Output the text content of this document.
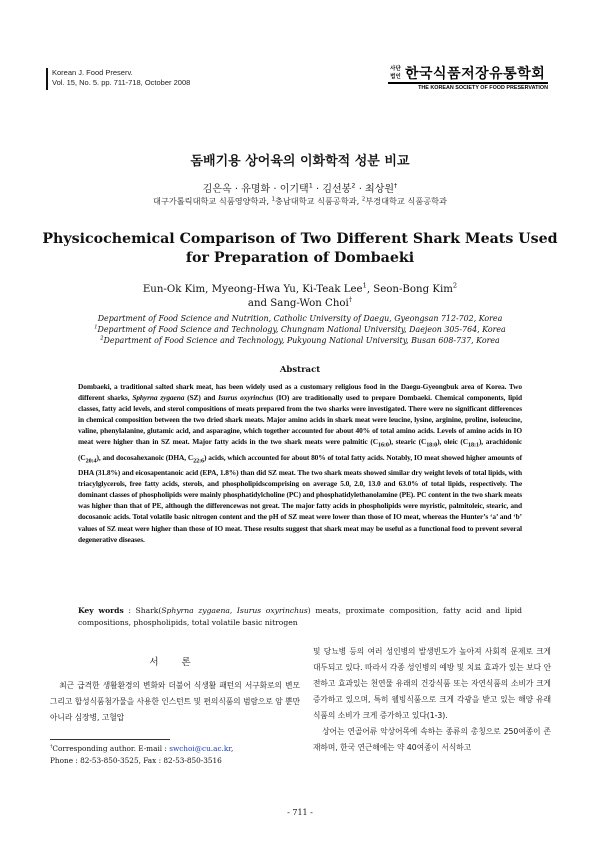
Korean J. Food Preserv.
Vol. 15, No. 5. pp. 711-718, October 2008
사단
법인 한국식품저장유통학회
THE KOREAN SOCIETY OF FOOD PRESERVATION
돔배기용 상어육의 이화학적 성분 비교
김은옥 · 유명화 · 이기택$^1$ · 김선봉$^2$ · 최상원†
대구가톨릭대학교 식품영양학과, $^1$충남대학교 식품공학과, $^2$부경대학교 식품공학과
Physicochemical Comparison of Two Different Shark Meats Used for Preparation of Dombaeki
Eun-Ok Kim, Myeong-Hwa Yu, Ki-Teak Lee$^1$, Seon-Bong Kim$^2$
and Sang-Won Choi†
Department of Food Science and Nutrition, Catholic University of Daegu, Gyeongsan 712-702, Korea
$^1$Department of Food Science and Technology, Chungnam National University, Daejeon 305-764, Korea
$^2$Department of Food Science and Technology, Pukyoung National University, Busan 608-737, Korea
Abstract
Dombaeki, a traditional salted shark meat, has been widely used as a customary religious food in the Daegu-Gyeongbuk area of Korea. Two different sharks, Sphyrna zygaena (SZ) and Isurus oxyrinchus (IO) are traditionally used to prepare Dombaeki. Chemical components, lipid classes, fatty acid levels, and sterol compositions of meats prepared from the two sharks were investigated. There were no significant differences in chemical composition between the two dried shark meats. Major amino acids in shark meat were leucine, lysine, arginine, proline, isoleucine, valine, phenylalanine, glutamic acid, and asparagine, which together accounted for about 40% of total amino acids. Levels of amino acids in IO meat were higher than in SZ meat. Major fatty acids in the two shark meats were palmitic $(C_{16:0})$, stearic $(C_{18:0})$, oleic $(C_{18:1})$, arachidonic $(C_{20:4})$, and docosahexanoic (DHA, $C_{22:6}$) acids, which accounted for about 80% of total fatty acids. Notably, IO meat showed higher amounts of DHA (31.8%) and eicosapentanoic acid (EPA, 1.8%) than did SZ meat. The two shark meats showed similar dry weight levels of total lipids, with triacylglycerols, free fatty acids, sterols, and phospholipidscomprising on average 5.0, 2.0, 13.0 and 63.0% of total lipids, respectively. The dominant classes of phospholipids were mainly phosphatidylcholine (PC) and phosphatidylethanolamine (PE). PC content in the two shark meats was higher than that of PE, although the differencewas not great. The major fatty acids in phospholipids were myristic, palmitoleic, stearic, and docosanoic acids. Total volatile basic nitrogen content and the pH of SZ meat were lower than those of IO meat, whereas the Hunter’s ‘a’ and ‘b’ values of SZ meat were higher than those of IO meat. These results suggest that shark meat may be useful as a functional food to prevent several degenerative diseases.
Key words : Shark(Sphyrna zygaena, Isurus oxyrinchus) meats, proximate composition, fatty acid and lipid compositions, phospholipids, total volatile basic nitrogen
서 론

최근 급격한 생활환경의 변화와 더불어 식생활 패턴의 서구화로의 변모 그리고 합성식품첨가물을 사용한 인스턴트 및 편의식품의 범람으로 암 뿐만 아니라 심장병, 고혈압

및 당뇨병 등의 여러 성인병의 발생빈도가 높아져 사회적 문제로 크게 대두되고 있다. 따라서 각종 성인병의 예방 및 치료 효과가 있는 보다 안전하고 효과있는 천연물 유래의 건강식품 또는 자연식품의 소비가 크게 증가하고 있으며, 특히 웰빙식품으로 크게 각광을 받고 있는 해양 유래 식품의 소비가 크게 증가하고 있다(1-3).

상어는 연골어류 악상어목에 속하는 종류의 총칭으로 250여종이 존재하며, 한국 연근해에는 약 40여종이 서식하고

†Corresponding author. E-mail : swchoi@cu.ac.kr,
Phone : 82-53-850-3525, Fax : 82-53-850-3516
- 711 -
